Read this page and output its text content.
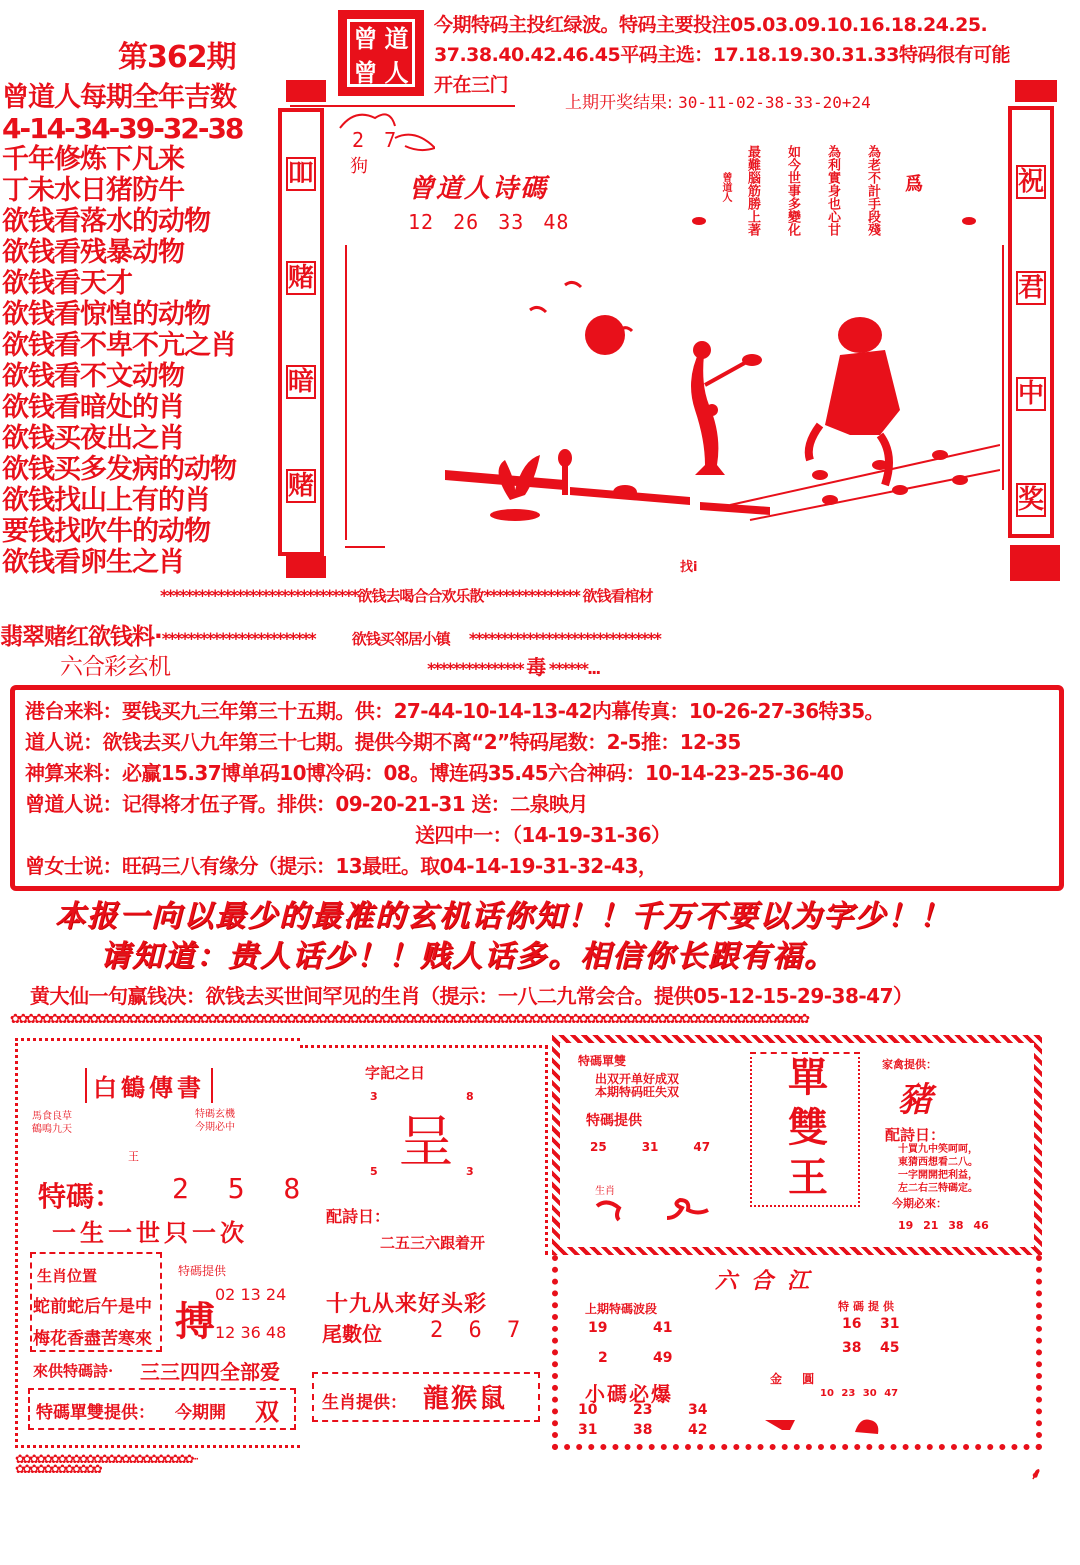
第362期
曾 道
曾 人
今期特码主投红绿波。特码主要投注05.03.09.10.16.18.24.25.
37.38.40.42.46.45平码主选：17.18.19.30.31.33特码很有可能
开在三门
上期开奖结果: 30-11-02-38-33-20+24
曾道人每期全年吉数
4-14-34-39-32-38
千年修炼下凡来
丁未水日猪防牛
欲钱看落水的动物
欲钱看残暴动物
欲钱看天才
欲钱看惊惶的动物
欲钱看不卑不亢之肖
欲钱看不文动物
欲钱看暗处的肖
欲钱买夜出之肖
欲钱买多发病的动物
欲钱找山上有的肖
要钱找吹牛的动物
欲钱看卵生之肖
吅
赌
暗
赌
祝
君
中
奖
2 7
狗
曾道人诗碼
12 26 33 48
曾道人 最難腦筋勝上著 如今世事多變化 為利實身也心甘 為老不計手段殘 爲
找i
*******************************欲钱去喝合合欢乐散*************** 欲钱看棺材
翡翠赌红欲钱料·************************ 欲钱买邻居小镇 ******************************
六合彩玄机	*************** 毒 ******...
港台来料：要钱买九三年第三十五期。供：27-44-10-14-13-42内幕传真：10-26-27-36特35。
道人说：欲钱去买八九年第三十七期。提供今期不离“2”特码尾数：2-5推：12-35
神算来料：必赢15.37博单码10博冷码：08。博连码35.45六合神码：10-14-23-25-36-40
曾道人说：记得将才伍子胥。排供：09-20-21-31 送：二泉映月
送四中一：（14-19-31-36）
曾女士说：旺码三八有缘分（提示：13最旺。取04-14-19-31-32-43，
本报一向以最少的最准的玄机话你知！！千万不要以为字少！！
请知道：贵人话少！！贱人话多。相信你长跟有福。
黄大仙一句赢钱决：欲钱去买世间罕见的生肖（提示：一八二九常会合。提供05-12-15-29-38-47）
✿✿✿✿✿✿✿✿✿✿✿✿✿✿✿✿✿✿✿✿✿✿✿✿✿✿✿✿✿✿✿✿✿✿✿✿✿✿✿✿✿✿✿✿✿✿✿✿✿✿✿✿✿✿✿✿✿✿✿✿✿✿✿✿✿✿✿✿✿✿✿✿✿✿✿✿✿✿✿✿✿✿✿✿✿✿✿✿✿✿✿✿✿✿✿✿✿✿✿✿✿
白鶴傳書
馬食良草
鶴鳴九天
特碼玄機
今期必中
王
特碼： 2 5 8
一生一世只一次
生肖位置
蛇前蛇后午是中
梅花香盡苦寒來
特碼提供
搏
02 13 24
12 36 48
來供特碼詩· 三三四四全部爱
特碼單雙提供： 今期開 双
✿✿✿✿✿✿✿✿✿✿✿✿✿✿✿✿✿✿✿✿✿✿✿✿✿ · · ·
字記之日
3	8
呈
5	3
配詩日：
二五三六跟着开
十九从来好头彩
尾數位 2 6 7
生肖提供： 龍猴鼠
特碼單雙
出双开单好成双
本期特码旺失双
特碼提供
25	31	47
生肖
單
雙
王
家禽提供：
豬
配詩日：
十買九中笑呵呵，
東猜西想看二八。
一字開開把利益，
左二右三特碼定。
今期必來：
19 21 38 46
六合江
上期特碼波段
19	41
2	49
小碼必爆
10	23	34
31	38	42
特碼提供
16	31
38	45
金 圓
10 23 30 47
✿✿✿✿✿✿✿✿✿✿✿✿	⸙
